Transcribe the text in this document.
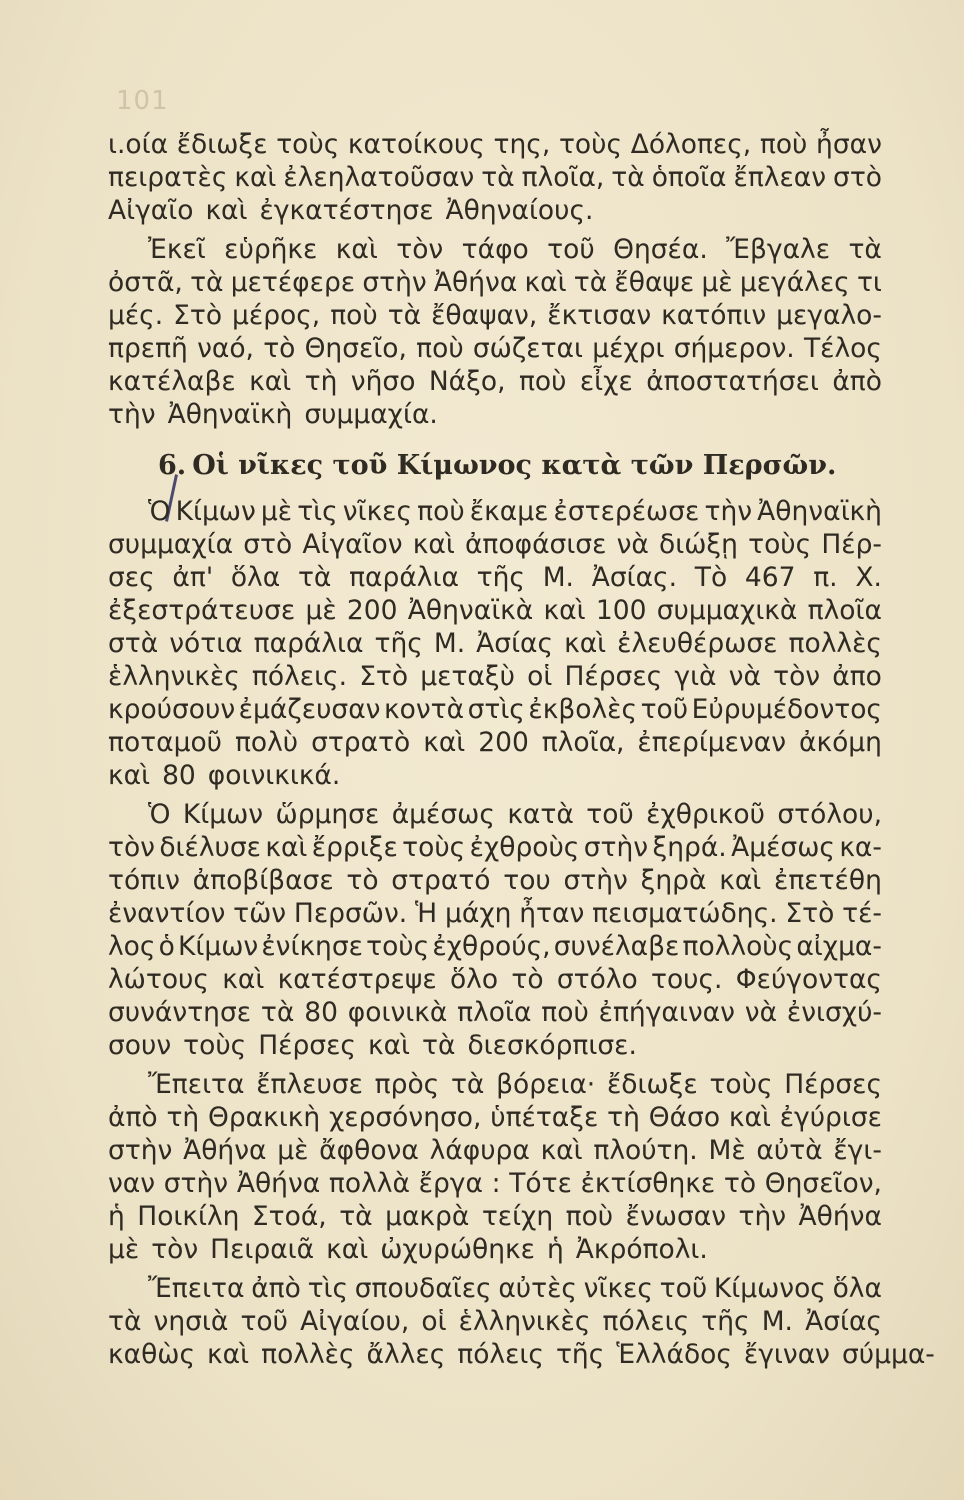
101
ι.οία ἔδιωξε τοὺς κατοίκους της, τοὺς Δόλοπες, ποὺ ἦσαν
πειρατὲς καὶ ἐλεηλατοῦσαν τὰ πλοῖα, τὰ ὁποῖα ἔπλεαν στὸ
Αἰγαῖο καὶ ἐγκατέστησε Ἀθηναίους.
Ἐκεῖ εὑρῆκε καὶ τὸν τάφο τοῦ Θησέα. Ἔβγαλε τὰ
ὀστᾶ, τὰ μετέφερε στὴν Ἀθήνα καὶ τὰ ἔθαψε μὲ μεγάλες τι
μές. Στὸ μέρος, ποὺ τὰ ἔθαψαν, ἔκτισαν κατόπιν μεγαλο-
πρεπῆ ναό, τὸ Θησεῖο, ποὺ σώζεται μέχρι σήμερον. Τέλος
κατέλαβε καὶ τὴ νῆσο Νάξο, ποὺ εἶχε ἀποστατήσει ἀπὸ
τὴν Ἀθηναϊκὴ συμμαχία.
6. Οἱ νῖκες τοῦ Κίμωνος κατὰ τῶν Περσῶν.
Ὁ Κίμων μὲ τὶς νῖκες ποὺ ἔκαμε ἐστερέωσε τὴν Ἀθηναϊκὴ
συμμαχία στὸ Αἰγαῖον καὶ ἀποφάσισε νὰ διώξῃ τοὺς Πέρ-
σες ἀπ' ὅλα τὰ παράλια τῆς Μ. Ἀσίας. Τὸ 467 π. Χ.
ἐξεστράτευσε μὲ 200 Ἀθηναϊκὰ καὶ 100 συμμαχικὰ πλοῖα
στὰ νότια παράλια τῆς Μ. Ἀσίας καὶ ἐλευθέρωσε πολλὲς
ἑλληνικὲς πόλεις. Στὸ μεταξὺ οἱ Πέρσες γιὰ νὰ τὸν ἀπο
κρούσουν ἐμάζευσαν κοντὰ στὶς ἐκβολὲς τοῦ Εὐρυμέδοντος
ποταμοῦ πολὺ στρατὸ καὶ 200 πλοῖα, ἐπερίμεναν ἀκόμη
καὶ 80 φοινικικά.
Ὁ Κίμων ὥρμησε ἀμέσως κατὰ τοῦ ἐχθρικοῦ στόλου,
τὸν διέλυσε καὶ ἔρριξε τοὺς ἐχθροὺς στὴν ξηρά. Ἀμέσως κα-
τόπιν ἀποβίβασε τὸ στρατό του στὴν ξηρὰ καὶ ἐπετέθη
ἐναντίον τῶν Περσῶν. Ἡ μάχη ἦταν πεισματώδης. Στὸ τέ-
λος ὁ Κίμων ἐνίκησε τοὺς ἐχθρούς, συνέλαβε πολλοὺς αἰχμα-
λώτους καὶ κατέστρεψε ὅλο τὸ στόλο τους. Φεύγοντας
συνάντησε τὰ 80 φοινικὰ πλοῖα ποὺ ἐπήγαιναν νὰ ἐνισχύ-
σουν τοὺς Πέρσες καὶ τὰ διεσκόρπισε.
Ἔπειτα ἔπλευσε πρὸς τὰ βόρεια· ἔδιωξε τοὺς Πέρσες
ἀπὸ τὴ Θρακικὴ χερσόνησο, ὑπέταξε τὴ Θάσο καὶ ἐγύρισε
στὴν Ἀθήνα μὲ ἄφθονα λάφυρα καὶ πλούτη. Μὲ αὐτὰ ἔγι-
ναν στὴν Ἀθήνα πολλὰ ἔργα : Τότε ἐκτίσθηκε τὸ Θησεῖον,
ἡ Ποικίλη Στοά, τὰ μακρὰ τείχη ποὺ ἔνωσαν τὴν Ἀθήνα
μὲ τὸν Πειραιᾶ καὶ ὠχυρώθηκε ἡ Ἀκρόπολι.
Ἔπειτα ἀπὸ τὶς σπουδαῖες αὐτὲς νῖκες τοῦ Κίμωνος ὅλα
τὰ νησιὰ τοῦ Αἰγαίου, οἱ ἑλληνικὲς πόλεις τῆς Μ. Ἀσίας
καθὼς καὶ πολλὲς ἄλλες πόλεις τῆς Ἑλλάδος ἔγιναν σύμμα-
